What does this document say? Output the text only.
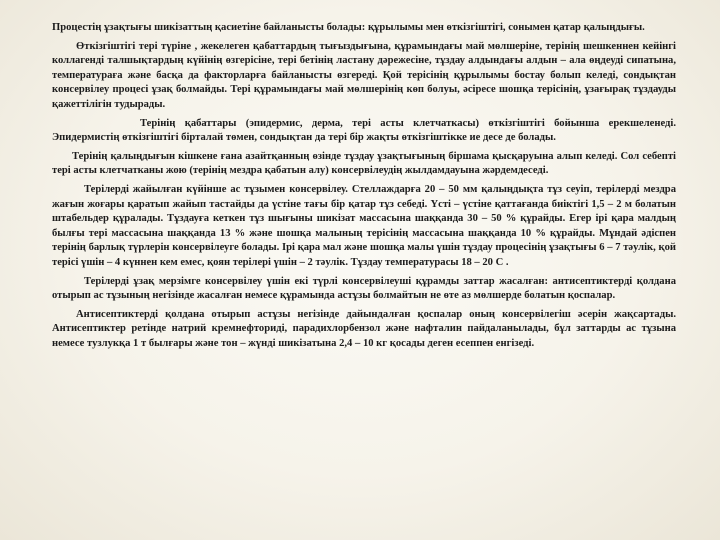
Процестің ұзақтығы шикізаттың қасиетіне байланысты болады: құрылымы мен өткізгіштігі, сонымен қатар қалыңдығы.

Өткізгіштігі тері түріне , жекелеген қабаттардың тығыздығына, құрамындағы май мөлшеріне, терінің шешкеннен кейінгі коллагенді талшықтардың күйінің өзгерісіне, тері бетінің ластану дәрежесіне, тұздау алдындағы алдын – ала өңдеуді сипатына, температураға және басқа да факторларға байланысты өзгереді. Қой терісінің құрылымы бостау болып келеді, сондықтан консервілеу процесі ұзақ болмайды. Тері құрамындағы май мөлшерінің көп болуы, әсіресе шошқа терісінің, ұзағырақ тұздауды қажеттілігін тудырады.

Терінің қабаттары (эпидермис, дерма, тері асты клетчаткасы) өткізгіштігі бойынша ерекшеленеді. Эпидермистің өткізгіштігі бірталай төмен, сондықтан да тері бір жақты өткізгіштікке ие десе де болады.

Терінің қалыңдығын кішкене ғана азайтқанның өзінде тұздау ұзақтығының біршама қысқаруына алып келеді. Сол себепті тері асты клетчатканы жою (терінің мездра қабатын алу) консервілеудің жылдамдауына жәрдемдеседі.

Терілерді жайылған күйінше ас тұзымен консервілеу. Стеллаждарға 20 – 50 мм қалыңдықта тұз сеуіп, терілерді мездра жағын жоғары қаратып жайып тастайды да үстіне тағы бір қатар тұз себеді. Үсті – үстіне қаттағанда биіктігі 1,5 – 2 м болатын штабельдер құралады. Тұздауға кеткен тұз шығыны шикізат массасына шаққанда 30 – 50 % құрайды. Егер ірі қара малдың былғы тері массасына шаққанда 13 % және шошқа малының терісінің массасына шаққанда 10 % құрайды. Мұндай әдіспен терінің барлық түрлерін консервілеуге болады. Ірі қара мал және шошқа малы үшін тұздау процесінің ұзақтығы 6 – 7 тәулік, қой терісі үшін – 4 күннен кем емес, қоян терілері үшін – 2 тәулік. Тұздау температурасы 18 – 20 С .

Терілерді ұзақ мерзімге консервілеу үшін екі түрлі консервілеуші құрамды заттар жасалған: антисептиктерді қолдана отырып ас тұзының негізінде жасалған немесе құрамында астұзы болмайтын не өте аз мөлшерде болатын қоспалар.

Антисептиктерді қолдана отырып астұзы негізінде дайындалған қоспалар оның консервілегіш әсерін жақсартады. Антисептиктер ретінде натрий кремнефториді, парадихлорбензол және нафталин пайдаланылады, бұл заттарды ас тұзына немесе тузлукқа 1 т былғары және тон – жүнді шикізатына 2,4 – 10 кг қосады деген есеппен енгізеді.
